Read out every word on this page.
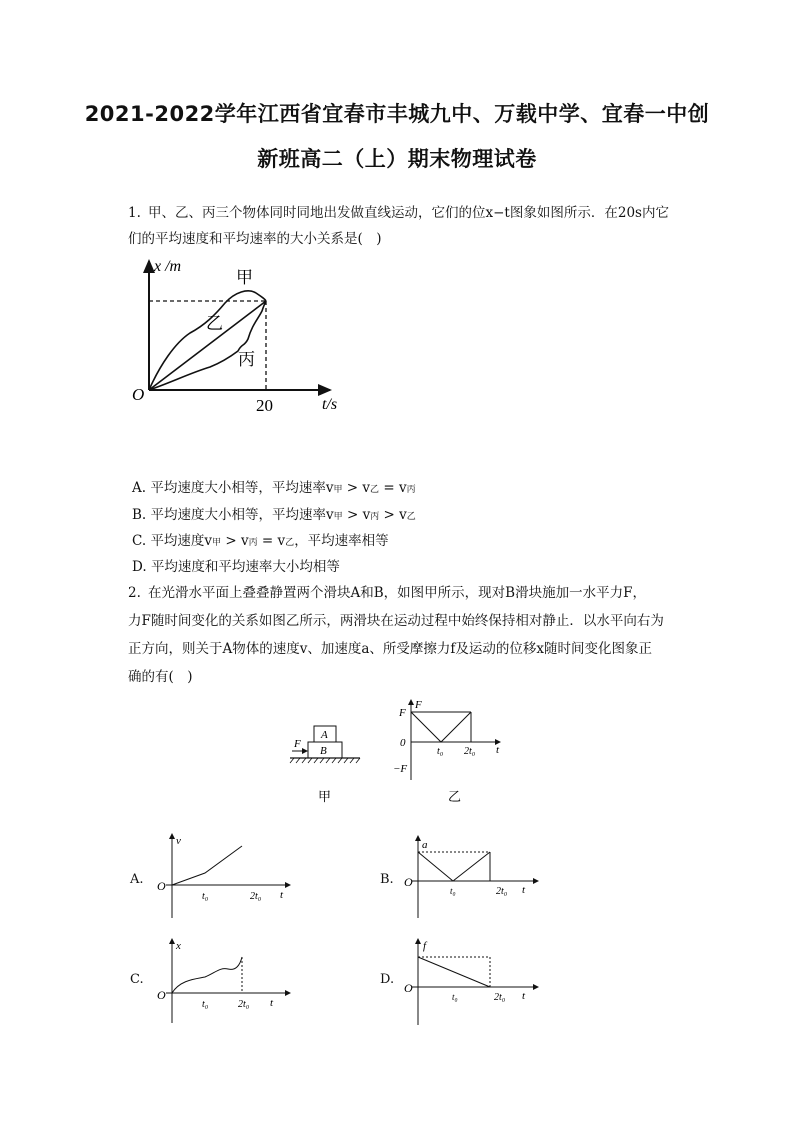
2021-2022学年江西省宜春市丰城九中、万载中学、宜春一中创
新班高二（上）期末物理试卷
1. 甲、乙、丙三个物体同时同地出发做直线运动，它们的位x−t图象如图所示．在20s内它
们的平均速度和平均速率的大小关系是(　)
x /m
t/s
O
20
甲
乙
丙
A. 平均速度大小相等，平均速率v甲 > v乙 = v丙
B. 平均速度大小相等，平均速率v甲 > v丙 > v乙
C. 平均速度v甲 > v丙 = v乙，平均速率相等
D. 平均速度和平均速率大小均相等
2. 在光滑水平面上叠叠静置两个滑块A和B，如图甲所示，现对B滑块施加一水平力F，
力F随时间变化的关系如图乙所示，两滑块在运动过程中始终保持相对静止．以水平向右为
正方向，则关于A物体的速度v、加速度a、所受摩擦力f及运动的位移x随时间变化图象正
确的有(　)
F
A
B
甲
F
F
0
−F
t₀ 2t₀ t
乙
A.
v
O
t₀	2t₀ t
B.
a
O
t₀	2t₀ t
C.
x
O
t₀	2t₀ t
D.
f
O
t₀	2t₀ t
